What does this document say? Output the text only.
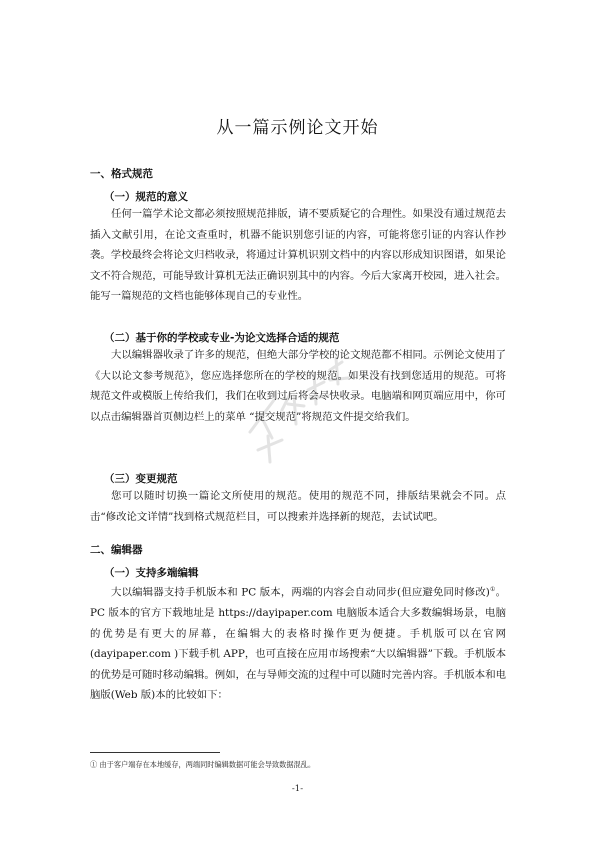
从一篇示例论文开始
一、格式规范
（一）规范的意义

任何一篇学术论文都必须按照规范排版，请不要质疑它的合理性。如果没有通过规范去插入文献引用，在论文查重时，机器不能识别您引证的内容，可能将您引证的内容认作抄袭。学校最终会将论文归档收录，将通过计算机识别文档中的内容以形成知识图谱，如果论文不符合规范，可能导致计算机无法正确识别其中的内容。今后大家离开校园，进入社会。能写一篇规范的文档也能够体现自己的专业性。

（二）基于你的学校或专业-为论文选择合适的规范

大以编辑器收录了许多的规范，但绝大部分学校的论文规范都不相同。示例论文使用了《大以论文参考规范》，您应选择您所在的学校的规范。如果没有找到您适用的规范。可将规范文件或模版上传给我们，我们在收到过后将会尽快收录。电脑端和网页端应用中，你可以点击编辑器首页侧边栏上的菜单 “提交规范”将规范文件提交给我们。

（三）变更规范

您可以随时切换一篇论文所使用的规范。使用的规范不同，排版结果就会不同。点击“修改论文详情”找到格式规范栏目，可以搜索并选择新的规范，去试试吧。

二、编辑器
（一）支持多端编辑

大以编辑器支持手机版本和 PC 版本，两端的内容会自动同步(但应避免同时修改)①。PC 版本的官方下载地址是 https://dayipaper.com 电脑版本适合大多数编辑场景，电脑的优势是有更大的屏幕，在编辑大的表格时操作更为便捷。手机版可以在官网(dayipaper.com )下载手机 APP，也可直接在应用市场搜索“大以编辑器”下载。手机版本的优势是可随时移动编辑。例如，在与导师交流的过程中可以随时完善内容。手机版本和电脑版(Web 版)本的比较如下：

① 由于客户端存在本地缓存，两端同时编辑数据可能会导致数据混乱。
-1-
